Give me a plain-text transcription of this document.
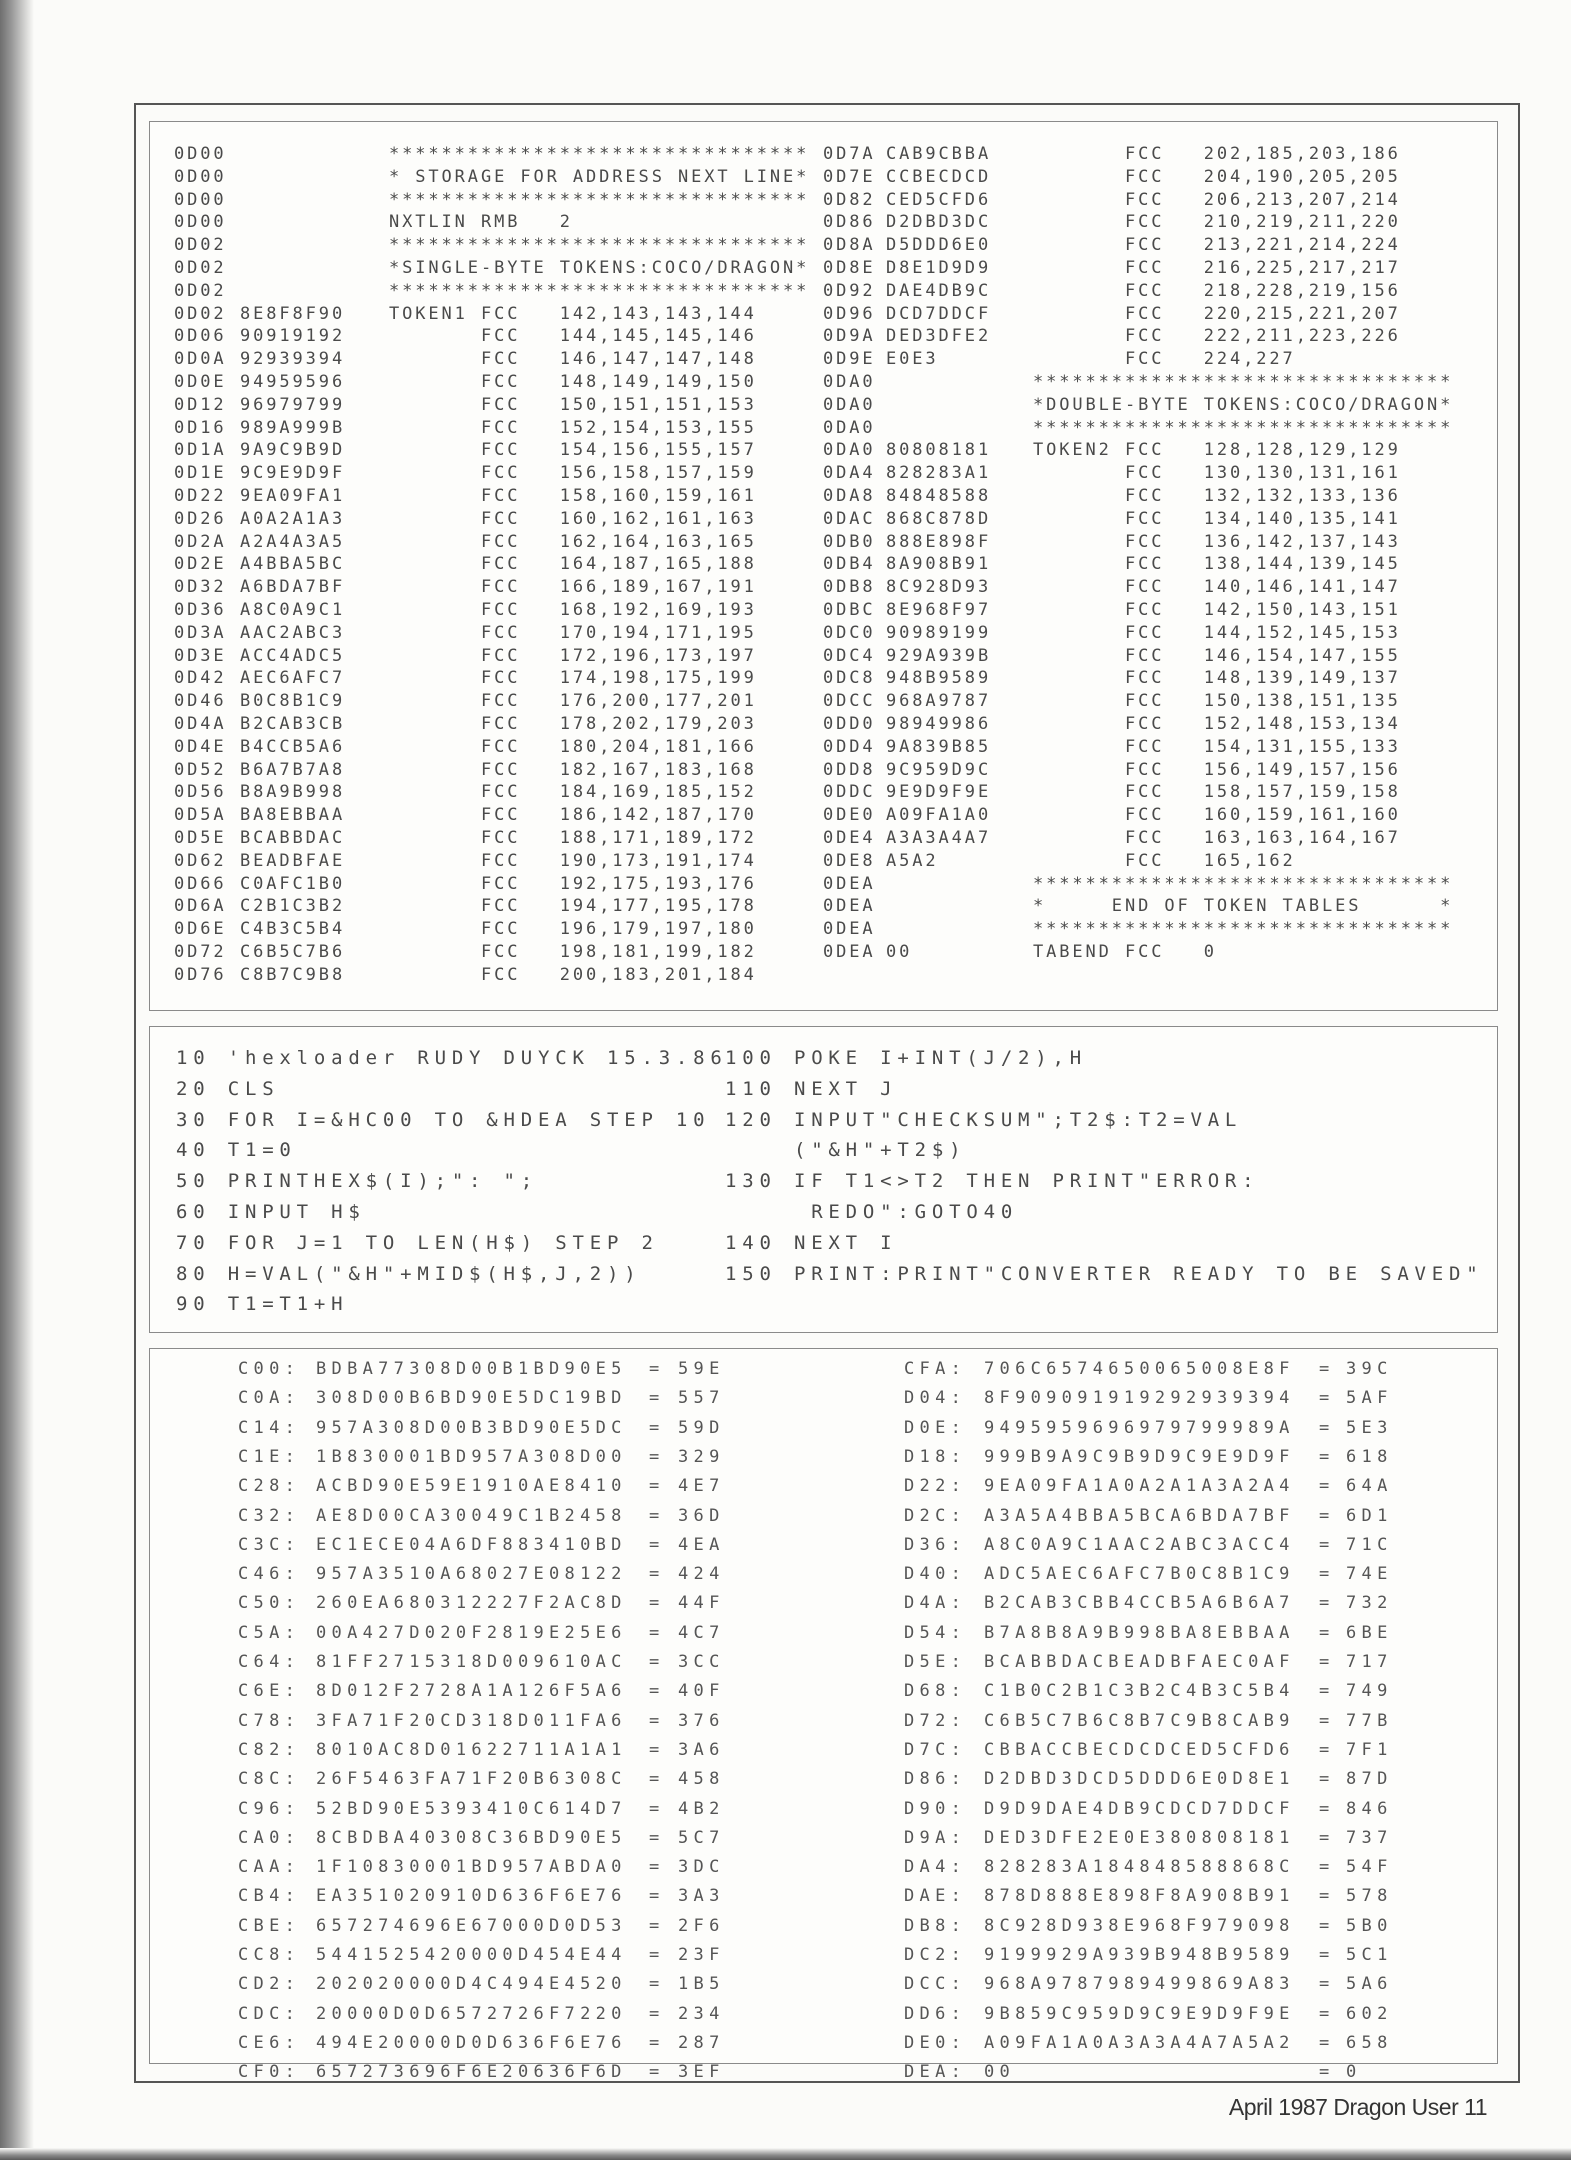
0D00	********************************
0D00	* STORAGE FOR ADDRESS NEXT LINE*
0D00	********************************
0D00	NXTLIN RMB   2
0D02	********************************
0D02	*SINGLE-BYTE TOKENS:COCO/DRAGON*
0D02	********************************
0D02 8E8F8F90	TOKEN1 FCC   142,143,143,144
0D06 90919192	FCC   144,145,145,146
0D0A 92939394	FCC   146,147,147,148
0D0E 94959596	FCC   148,149,149,150
0D12 96979799	FCC   150,151,151,153
0D16 989A999B	FCC   152,154,153,155
0D1A 9A9C9B9D	FCC   154,156,155,157
0D1E 9C9E9D9F	FCC   156,158,157,159
0D22 9EA09FA1	FCC   158,160,159,161
0D26 A0A2A1A3	FCC   160,162,161,163
0D2A A2A4A3A5	FCC   162,164,163,165
0D2E A4BBA5BC	FCC   164,187,165,188
0D32 A6BDA7BF	FCC   166,189,167,191
0D36 A8C0A9C1	FCC   168,192,169,193
0D3A AAC2ABC3	FCC   170,194,171,195
0D3E ACC4ADC5	FCC   172,196,173,197
0D42 AEC6AFC7	FCC   174,198,175,199
0D46 B0C8B1C9	FCC   176,200,177,201
0D4A B2CAB3CB	FCC   178,202,179,203
0D4E B4CCB5A6	FCC   180,204,181,166
0D52 B6A7B7A8	FCC   182,167,183,168
0D56 B8A9B998	FCC   184,169,185,152
0D5A BA8EBBAA	FCC   186,142,187,170
0D5E BCABBDAC	FCC   188,171,189,172
0D62 BEADBFAE	FCC   190,173,191,174
0D66 C0AFC1B0	FCC   192,175,193,176
0D6A C2B1C3B2	FCC   194,177,195,178
0D6E C4B3C5B4	FCC   196,179,197,180
0D72 C6B5C7B6	FCC   198,181,199,182
0D76 C8B7C9B8	FCC   200,183,201,184
0D7A CAB9CBBA FCC   202,185,203,186
0D7E CCBECDCD FCC   204,190,205,205
0D82 CED5CFD6 FCC   206,213,207,214
0D86 D2DBD3DC FCC   210,219,211,220
0D8A D5DDD6E0 FCC   213,221,214,224
0D8E D8E1D9D9 FCC   216,225,217,217
0D92 DAE4DB9C FCC   218,228,219,156
0D96 DCD7DDCF FCC   220,215,221,207
0D9A DED3DFE2 FCC   222,211,223,226
0D9E E0E3	FCC   224,227
0DA0	********************************
0DA0	*DOUBLE-BYTE TOKENS:COCO/DRAGON*
0DA0	********************************
0DA0 80808181 TOKEN2 FCC   128,128,129,129
0DA4 828283A1 FCC   130,130,131,161
0DA8 84848588 FCC   132,132,133,136
0DAC 868C878D FCC   134,140,135,141
0DB0 888E898F FCC   136,142,137,143
0DB4 8A908B91 FCC   138,144,139,145
0DB8 8C928D93 FCC   140,146,141,147
0DBC 8E968F97 FCC   142,150,143,151
0DC0 90989199 FCC   144,152,145,153
0DC4 929A939B FCC   146,154,147,155
0DC8 948B9589 FCC   148,139,149,137
0DCC 968A9787 FCC   150,138,151,135
0DD0 98949986 FCC   152,148,153,134
0DD4 9A839B85 FCC   154,131,155,133
0DD8 9C959D9C FCC   156,149,157,156
0DDC 9E9D9F9E FCC   158,157,159,158
0DE0 A09FA1A0 FCC   160,159,161,160
0DE4 A3A3A4A7 FCC   163,163,164,167
0DE8 A5A2	FCC   165,162
0DEA	********************************
0DEA	*     END OF TOKEN TABLES      *
0DEA	********************************
0DEA 00	TABEND FCC   0
10 'hexloader RUDY DUYCK 15.3.86
20 CLS
30 FOR I=&HC00 TO &HDEA STEP 10
40 T1=0
50 PRINTHEX$(I);": ";
60 INPUT H$
70 FOR J=1 TO LEN(H$) STEP 2
80 H=VAL("&H"+MID$(H$,J,2))
90 T1=T1+H
100 POKE I+INT(J/2),H
110 NEXT J
120 INPUT"CHECKSUM";T2$:T2=VAL
("&H"+T2$)
130 IF T1<>T2 THEN PRINT"ERROR:
REDO":GOTO40
140 NEXT I
150 PRINT:PRINT"CONVERTER READY TO BE SAVED"
C00: BDBA77308D00B1BD90E5 = 59E
C0A: 308D00B6BD90E5DC19BD = 557
C14: 957A308D00B3BD90E5DC = 59D
C1E: 1B830001BD957A308D00 = 329
C28: ACBD90E59E1910AE8410 = 4E7
C32: AE8D00CA30049C1B2458 = 36D
C3C: EC1ECE04A6DF883410BD = 4EA
C46: 957A3510A68027E08122 = 424
C50: 260EA680312227F2AC8D = 44F
C5A: 00A427D020F2819E25E6 = 4C7
C64: 81FF2715318D009610AC = 3CC
C6E: 8D012F2728A1A126F5A6 = 40F
C78: 3FA71F20CD318D011FA6 = 376
C82: 8010AC8D01622711A1A1 = 3A6
C8C: 26F5463FA71F20B6308C = 458
C96: 52BD90E5393410C614D7 = 4B2
CA0: 8CBDBA40308C36BD90E5 = 5C7
CAA: 1F10830001BD957ABDA0 = 3DC
CB4: EA351020910D636F6E76 = 3A3
CBE: 657274696E67000D0D53 = 2F6
CC8: 5441525420000D454E44 = 23F
CD2: 202020000D4C494E4520 = 1B5
CDC: 20000D0D6572726F7220 = 234
CE6: 494E20000D0D636F6E76 = 287
CF0: 657273696F6E20636F6D = 3EF
CFA: 706C6574650065008E8F = 39C
D04: 8F909091919292939394 = 5AF
D0E: 9495959696979799989A = 5E3
D18: 999B9A9C9B9D9C9E9D9F = 618
D22: 9EA09FA1A0A2A1A3A2A4 = 64A
D2C: A3A5A4BBA5BCA6BDA7BF = 6D1
D36: A8C0A9C1AAC2ABC3ACC4 = 71C
D40: ADC5AEC6AFC7B0C8B1C9 = 74E
D4A: B2CAB3CBB4CCB5A6B6A7 = 732
D54: B7A8B8A9B998BA8EBBAA = 6BE
D5E: BCABBDACBEADBFAEC0AF = 717
D68: C1B0C2B1C3B2C4B3C5B4 = 749
D72: C6B5C7B6C8B7C9B8CAB9 = 77B
D7C: CBBACCBECDCDCED5CFD6 = 7F1
D86: D2DBD3DCD5DDD6E0D8E1 = 87D
D90: D9D9DAE4DB9CDCD7DDCF = 846
D9A: DED3DFE2E0E380808181 = 737
DA4: 828283A184848588868C = 54F
DAE: 878D888E898F8A908B91 = 578
DB8: 8C928D938E968F979098 = 5B0
DC2: 9199929A939B948B9589 = 5C1
DCC: 968A9787989499869A83 = 5A6
DD6: 9B859C959D9C9E9D9F9E = 602
DE0: A09FA1A0A3A3A4A7A5A2 = 658
DEA: 00	= 0
April 1987 Dragon User 11
